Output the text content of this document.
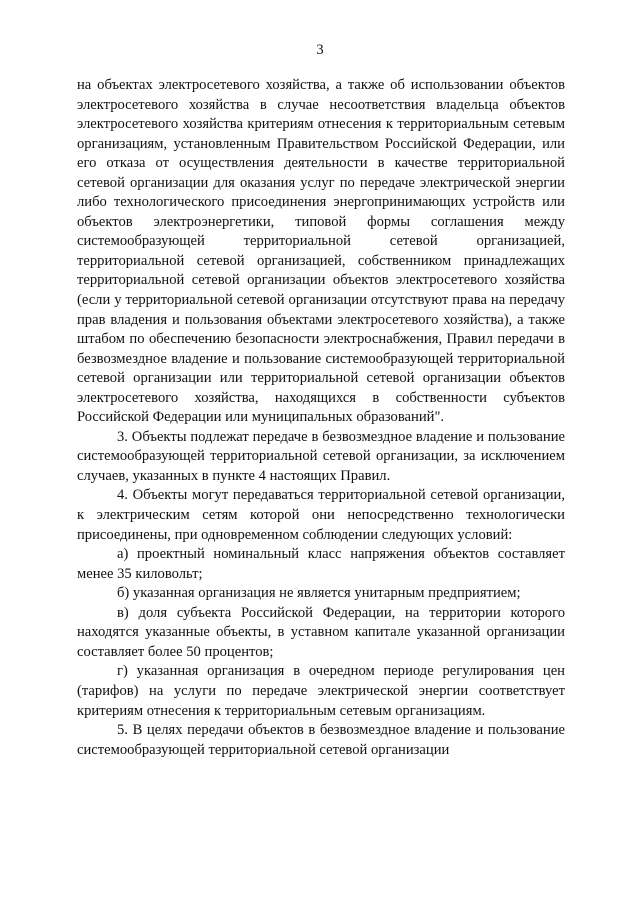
3

на объектах электросетевого хозяйства, а также об использовании объектов электросетевого хозяйства в случае несоответствия владельца объектов электросетевого хозяйства критериям отнесения к территориальным сетевым организациям, установленным Правительством Российской Федерации, или его отказа от осуществления деятельности в качестве территориальной сетевой организации для оказания услуг по передаче электрической энергии либо технологического присоединения энергопринимающих устройств или объектов электроэнергетики, типовой формы соглашения между системообразующей территориальной сетевой организацией, территориальной сетевой организацией, собственником принадлежащих территориальной сетевой организации объектов электросетевого хозяйства (если у территориальной сетевой организации отсутствуют права на передачу прав владения и пользования объектами электросетевого хозяйства), а также штабом по обеспечению безопасности электроснабжения, Правил передачи в безвозмездное владение и пользование системообразующей территориальной сетевой организации или территориальной сетевой организации объектов электросетевого хозяйства, находящихся в собственности субъектов Российской Федерации или муниципальных образований".

3. Объекты подлежат передаче в безвозмездное владение и пользование системообразующей территориальной сетевой организации, за исключением случаев, указанных в пункте 4 настоящих Правил.

4. Объекты могут передаваться территориальной сетевой организации, к электрическим сетям которой они непосредственно технологически присоединены, при одновременном соблюдении следующих условий:

а) проектный номинальный класс напряжения объектов составляет менее 35 киловольт;

б) указанная организация не является унитарным предприятием;

в) доля субъекта Российской Федерации, на территории которого находятся указанные объекты, в уставном капитале указанной организации составляет более 50 процентов;

г) указанная организация в очередном периоде регулирования цен (тарифов) на услуги по передаче электрической энергии соответствует критериям отнесения к территориальным сетевым организациям.

5. В целях передачи объектов в безвозмездное владение и пользование системообразующей территориальной сетевой организации
